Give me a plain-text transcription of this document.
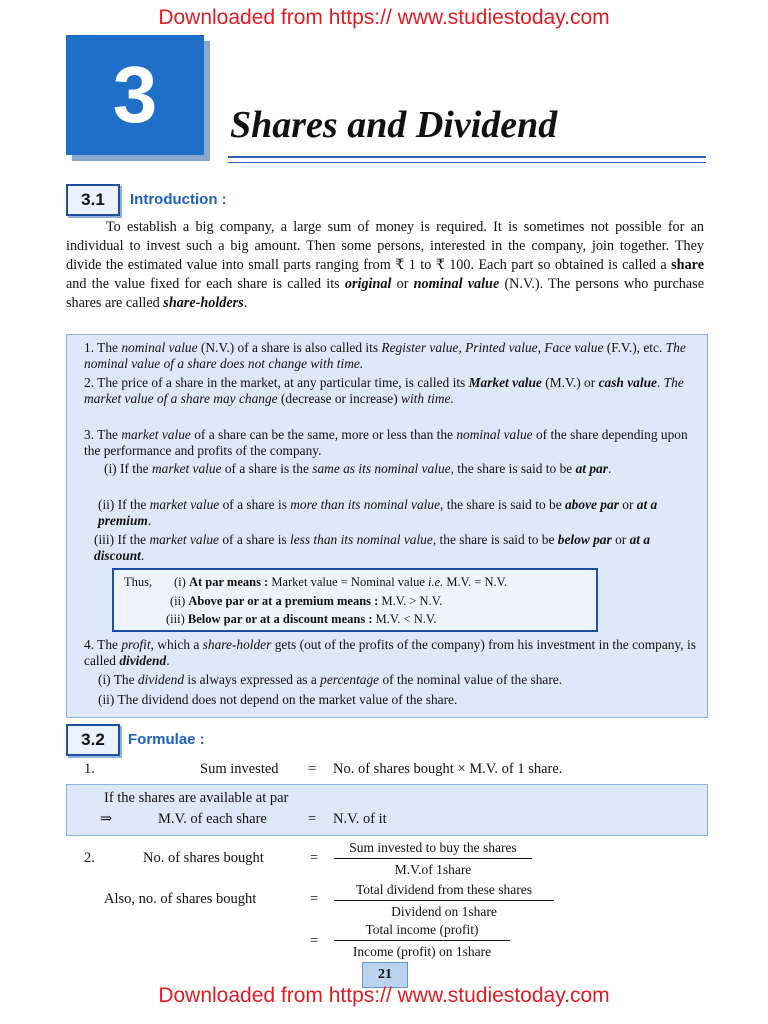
Downloaded from https:// www.studiestoday.com
3	Shares and Dividend
3.1	Introduction :

To establish a big company, a large sum of money is required. It is sometimes not possible for an individual to invest such a big amount. Then some persons, interested in the company, join together. They divide the estimated value into small parts ranging from ₹ 1 to ₹ 100. Each part so obtained is called a share and the value fixed for each share is called its original or nominal value (N.V.). The persons who purchase shares are called share-holders.

1. The nominal value (N.V.) of a share is also called its Register value, Printed value, Face value (F.V.), etc. The nominal value of a share does not change with time.
2. The price of a share in the market, at any particular time, is called its Market value (M.V.) or cash value. The market value of a share may change (decrease or increase) with time.
3. The market value of a share can be the same, more or less than the nominal value of the share depending upon the performance and profits of the company.
(i) If the market value of a share is the same as its nominal value, the share is said to be at par.
(ii) If the market value of a share is more than its nominal value, the share is said to be above par or at a premium.
(iii) If the market value of a share is less than its nominal value, the share is said to be below par or at a discount.
Thus, (i) At par means : Market value = Nominal value i.e. M.V. = N.V.
(ii) Above par or at a premium means : M.V. > N.V.
(iii) Below par or at a discount means : M.V. < N.V.
4. The profit, which a share-holder gets (out of the profits of the company) from his investment in the company, is called dividend.
(i) The dividend is always expressed as a percentage of the nominal value of the share.
(ii) The dividend does not depend on the market value of the share.
3.2	Formulae :
1.	Sum invested = No. of shares bought × M.V. of 1 share.
If the shares are available at par
⇒	M.V. of each share	= N.V. of it
2.	No. of shares bought	=
Sum invested to buy the shares
M.V.of 1share
Also, no. of shares bought	=
Total dividend from these shares
Dividend on 1share
=
Total income (profit)
Income (profit) on 1share
21
Downloaded from https:// www.studiestoday.com
